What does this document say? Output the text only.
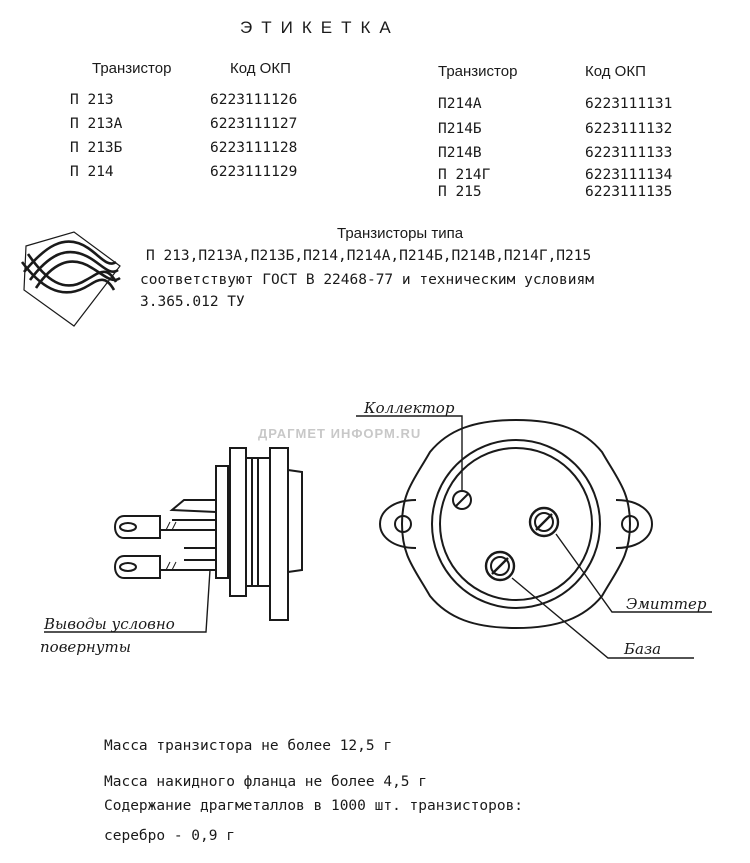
ЭТИКЕТКА
Транзистор	Код ОКП
П 213	6223111126
П 213А	6223111127
П 213Б	6223111128
П 214	6223111129
Транзистор	Код ОКП
П214А	6223111131
П214Б	6223111132
П214В	6223111133
П 214Г	6223111134
П 215	6223111135
Транзисторы типа
П 213,П213А,П213Б,П214,П214А,П214Б,П214В,П214Г,П215
соответствуют ГОСТ В 22468-77 и техническим условиям
3.365.012 ТУ
ДРАГМЕТ ИНФОРМ.RU
Коллектор
Эмиттер
База
Выводы условно
повернуты
Масса транзистора не более 12,5 г
Масса накидного фланца не более 4,5 г
Содержание драгметаллов в 1000 шт. транзисторов:
серебро - 0,9 г
